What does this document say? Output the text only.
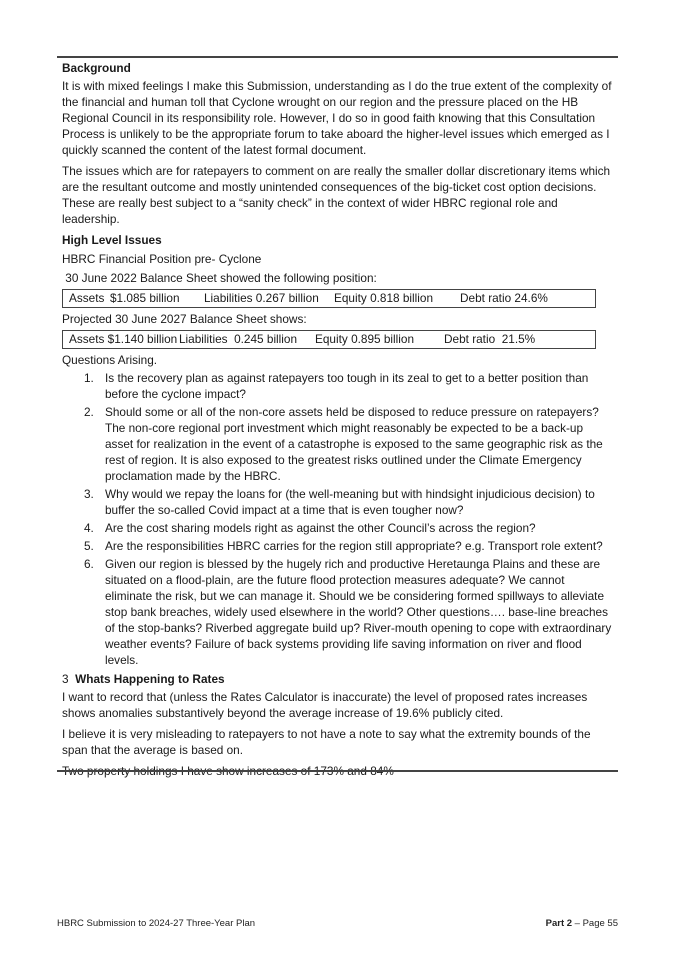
Background

It is with mixed feelings I make this Submission, understanding as I do the true extent of the complexity of the financial and human toll that Cyclone wrought on our region and the pressure placed on the HB Regional Council in its responsibility role. However, I do so in good faith knowing that this Consultation Process is unlikely to be the appropriate forum to take aboard the higher-level issues which emerged as I quickly scanned the content of the latest formal document.

The issues which are for ratepayers to comment on are really the smaller dollar discretionary items which are the resultant outcome and mostly unintended consequences of the big-ticket cost option decisions. These are really best subject to a “sanity check” in the context of wider HBRC regional role and leadership.

High Level Issues

HBRC Financial Position pre- Cyclone

30 June 2022 Balance Sheet showed the following position:

Assets $1.085 billion Liabilities 0.267 billion Equity 0.818 billion Debt ratio 24.6%

Projected 30 June 2027 Balance Sheet shows:

Assets $1.140 billion Liabilities  0.245 billion Equity 0.895 billion	Debt ratio  21.5%

Questions Arising.

1. Is the recovery plan as against ratepayers too tough in its zeal to get to a better position than before the cyclone impact?
2. Should some or all of the non-core assets held be disposed to reduce pressure on ratepayers? The non-core regional port investment which might reasonably be expected to be a back-up asset for realization in the event of a catastrophe is exposed to the same geographic risk as the rest of region. It is also exposed to the greatest risks outlined under the Climate Emergency proclamation made by the HBRC.
3. Why would we repay the loans for (the well-meaning but with hindsight injudicious decision) to buffer the so-called Covid impact at a time that is even tougher now?
4. Are the cost sharing models right as against the other Council’s across the region?
5. Are the responsibilities HBRC carries for the region still appropriate? e.g. Transport role extent?
6. Given our region is blessed by the hugely rich and productive Heretaunga Plains and these are situated on a flood-plain, are the future flood protection measures adequate? We cannot eliminate the risk, but we can manage it. Should we be considering formed spillways to alleviate stop bank breaches, widely used elsewhere in the world? Other questions…. base-line breaches of the stop-banks? Riverbed aggregate build up? River-mouth opening to cope with extraordinary weather events? Failure of back systems providing life saving information on river and flood levels.

3 Whats Happening to Rates

I want to record that (unless the Rates Calculator is inaccurate) the level of proposed rates increases shows anomalies substantively beyond the average increase of 19.6% publicly cited.

I believe it is very misleading to ratepayers to not have a note to say what the extremity bounds of the span that the average is based on.

HBRC Submission to 2024-27 Three-Year Plan	Part 2 – Page 55
